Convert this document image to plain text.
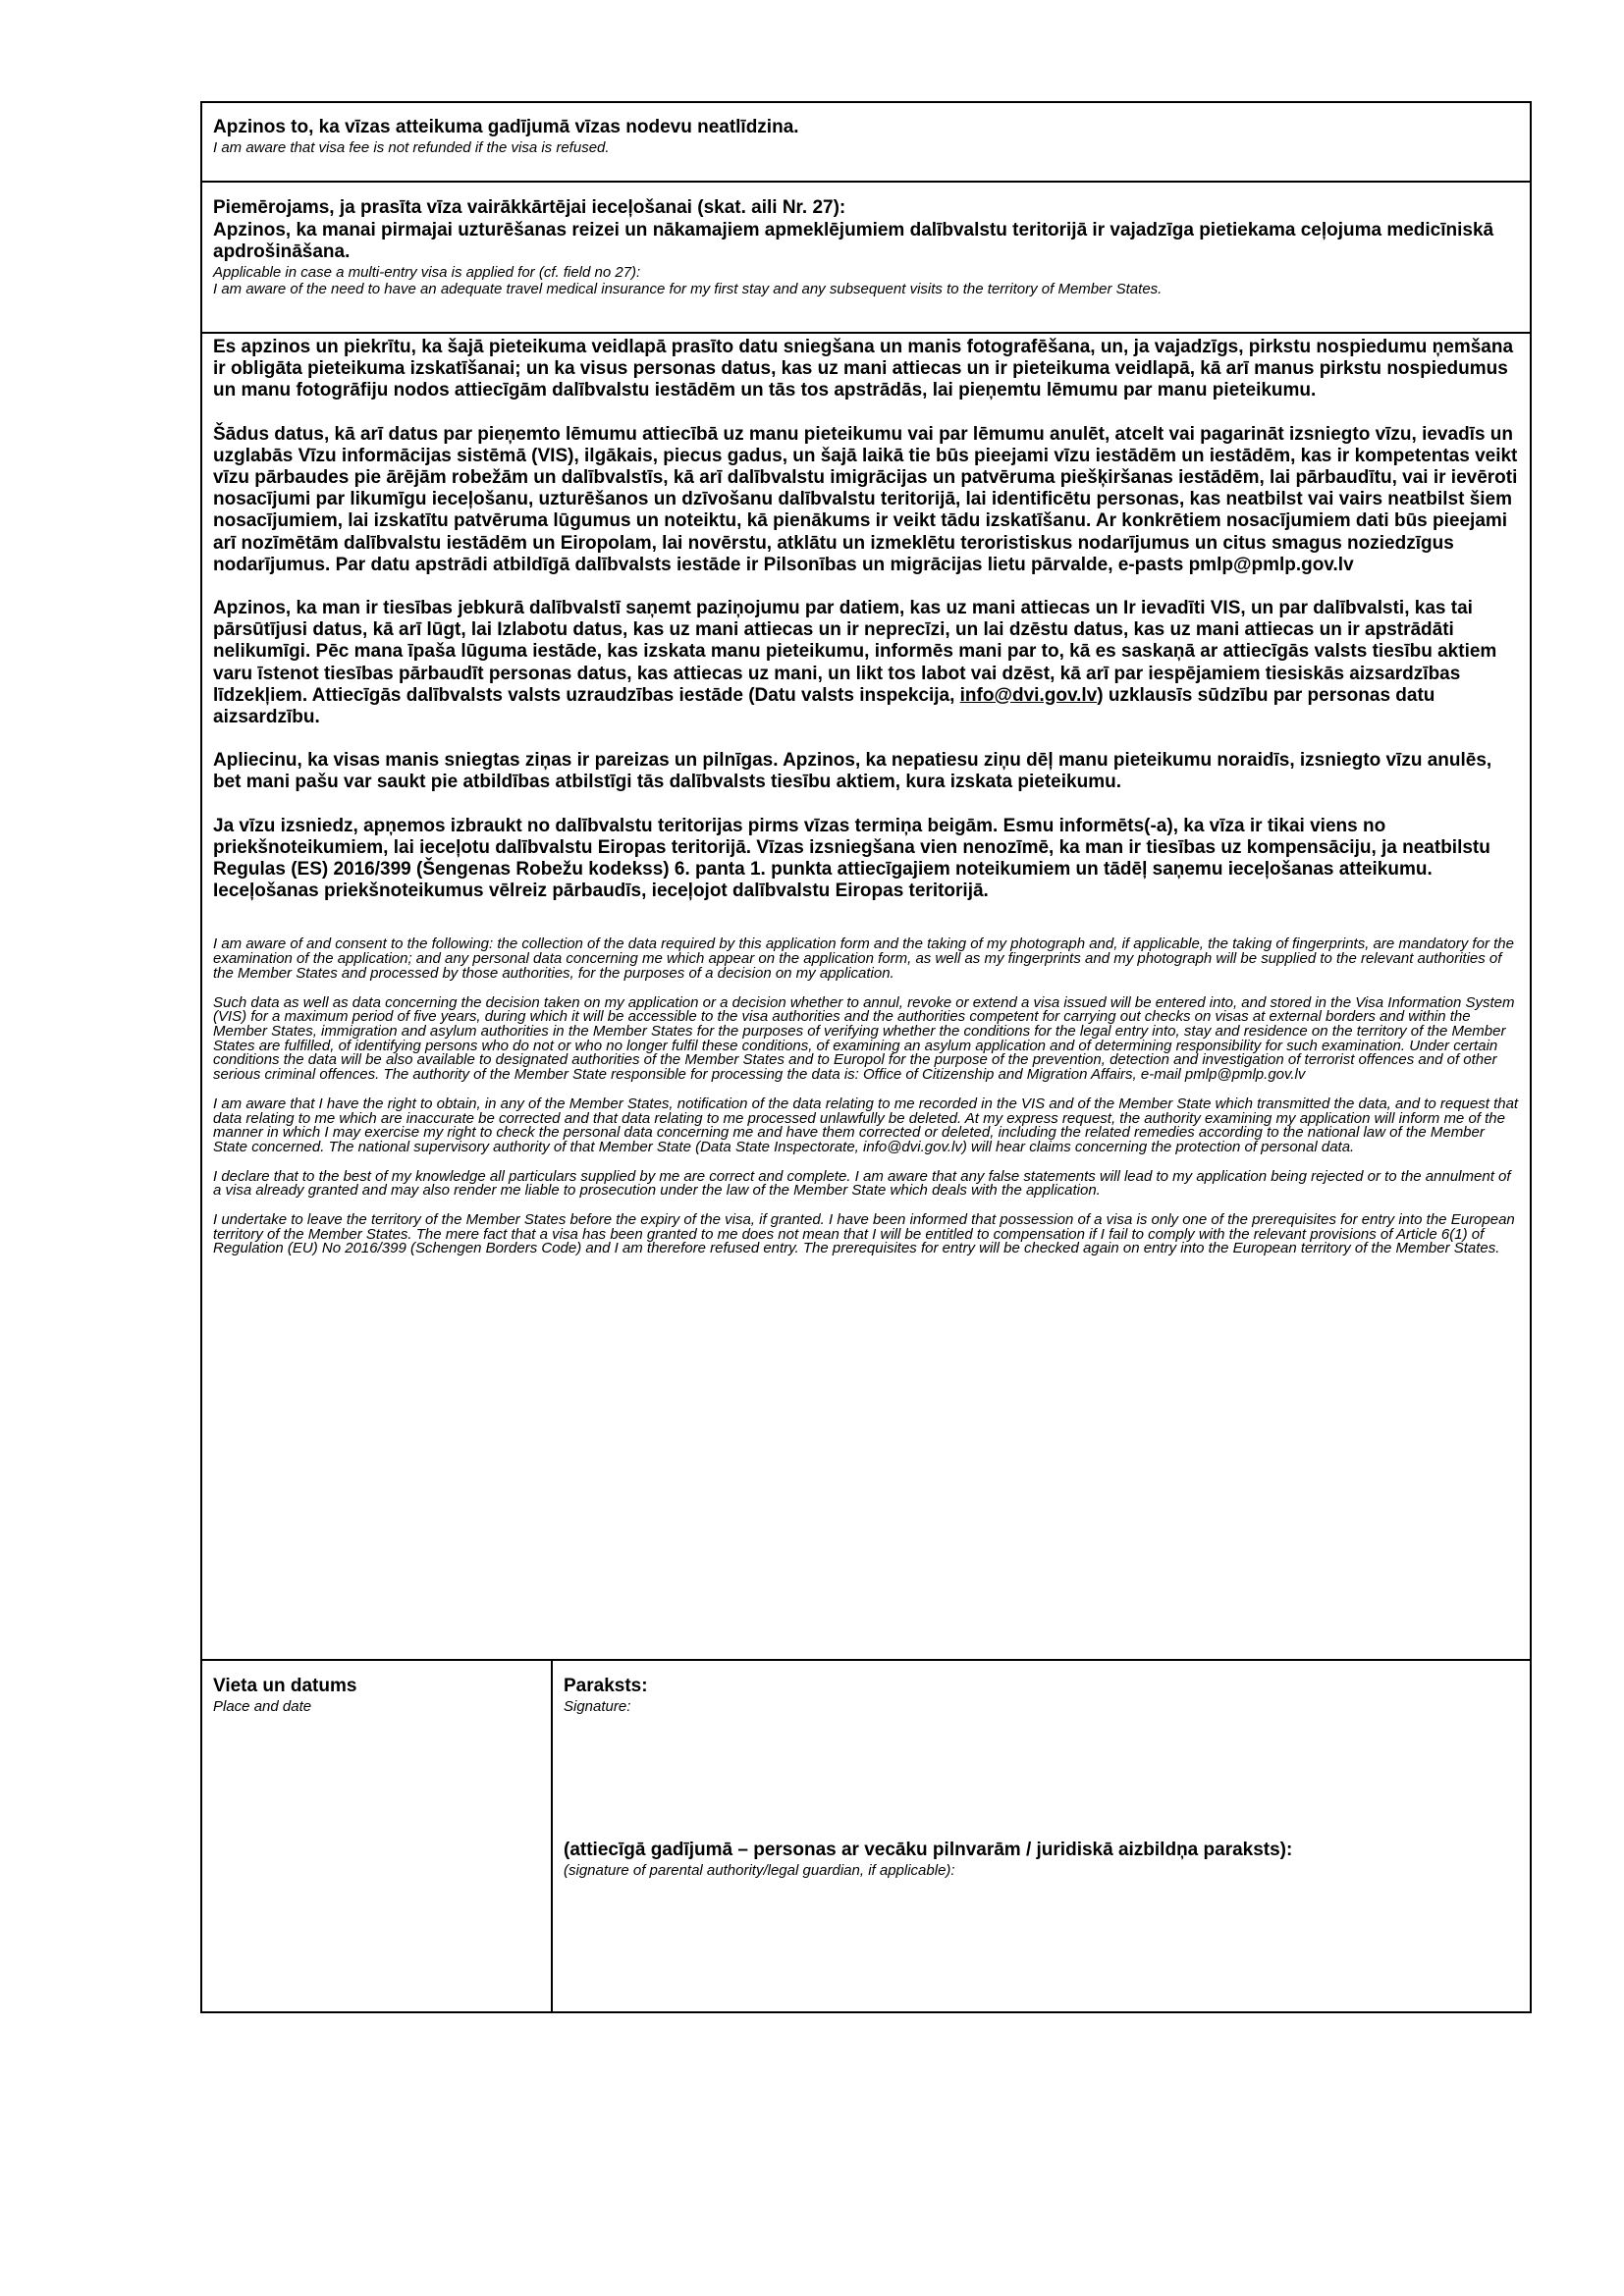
Apzinos to, ka vīzas atteikuma gadījumā vīzas nodevu neatlīdzina.

I am aware that visa fee is not refunded if the visa is refused.

Piemērojams, ja prasīta vīza vairākkārtējai ieceļošanai (skat. aili Nr. 27):

Apzinos, ka manai pirmajai uzturēšanas reizei un nākamajiem apmeklējumiem dalībvalstu teritorijā ir vajadzīga pietiekama ceļojuma medicīniskā apdrošināšana.

Applicable in case a multi-entry visa is applied for (cf. field no 27):

I am aware of the need to have an adequate travel medical insurance for my first stay and any subsequent visits to the territory of Member States.

Es apzinos un piekrītu, ka šajā pieteikuma veidlapā prasīto datu sniegšana un manis fotografēšana, un, ja vajadzīgs, pirkstu nospiedumu ņemšana ir obligāta pieteikuma izskatīšanai; un ka visus personas datus, kas uz mani attiecas un ir pieteikuma veidlapā, kā arī manus pirkstu nospiedumus un manu fotogrāfiju nodos attiecīgām dalībvalstu iestādēm un tās tos apstrādās, lai pieņemtu lēmumu par manu pieteikumu.

Šādus datus, kā arī datus par pieņemto lēmumu attiecībā uz manu pieteikumu vai par lēmumu anulēt, atcelt vai pagarināt izsniegto vīzu, ievadīs un uzglabās Vīzu informācijas sistēmā (VIS), ilgākais, piecus gadus, un šajā laikā tie būs pieejami vīzu iestādēm un iestādēm, kas ir kompetentas veikt vīzu pārbaudes pie ārējām robežām un dalībvalstīs, kā arī dalībvalstu imigrācijas un patvēruma piešķiršanas iestādēm, lai pārbaudītu, vai ir ievēroti nosacījumi par likumīgu ieceļošanu, uzturēšanos un dzīvošanu dalībvalstu teritorijā, lai identificētu personas, kas neatbilst vai vairs neatbilst šiem nosacījumiem, lai izskatītu patvēruma lūgumus un noteiktu, kā pienākums ir veikt tādu izskatīšanu. Ar konkrētiem nosacījumiem dati būs pieejami arī nozīmētām dalībvalstu iestādēm un Eiropolam, lai novērstu, atklātu un izmeklētu teroristiskus nodarījumus un citus smagus noziedzīgus nodarījumus. Par datu apstrādi atbildīgā dalībvalsts iestāde ir Pilsonības un migrācijas lietu pārvalde, e-pasts pmlp@pmlp.gov.lv

Apzinos, ka man ir tiesības jebkurā dalībvalstī saņemt paziņojumu par datiem, kas uz mani attiecas un Ir ievadīti VIS, un par dalībvalsti, kas tai pārsūtījusi datus, kā arī lūgt, lai Izlabotu datus, kas uz mani attiecas un ir neprecīzi, un lai dzēstu datus, kas uz mani attiecas un ir apstrādāti nelikumīgi. Pēc mana īpaša lūguma iestāde, kas izskata manu pieteikumu, informēs mani par to, kā es saskaņā ar attiecīgās valsts tiesību aktiem varu īstenot tiesības pārbaudīt personas datus, kas attiecas uz mani, un likt tos labot vai dzēst, kā arī par iespējamiem tiesiskās aizsardzības līdzekļiem. Attiecīgās dalībvalsts valsts uzraudzības iestāde (Datu valsts inspekcija, info@dvi.gov.lv) uzklausīs sūdzību par personas datu aizsardzību.

Apliecinu, ka visas manis sniegtas ziņas ir pareizas un pilnīgas. Apzinos, ka nepatiesu ziņu dēļ manu pieteikumu noraidīs, izsniegto vīzu anulēs, bet mani pašu var saukt pie atbildības atbilstīgi tās dalībvalsts tiesību aktiem, kura izskata pieteikumu.

Ja vīzu izsniedz, apņemos izbraukt no dalībvalstu teritorijas pirms vīzas termiņa beigām. Esmu informēts(-a), ka vīza ir tikai viens no priekšnoteikumiem, lai ieceļotu dalībvalstu Eiropas teritorijā. Vīzas izsniegšana vien nenozīmē, ka man ir tiesības uz kompensāciju, ja neatbilstu Regulas (ES) 2016/399 (Šengenas Robežu kodekss) 6. panta 1. punkta attiecīgajiem noteikumiem un tādēļ saņemu ieceļošanas atteikumu. Ieceļošanas priekšnoteikumus vēlreiz pārbaudīs, ieceļojot dalībvalstu Eiropas teritorijā.

I am aware of and consent to the following: the collection of the data required by this application form and the taking of my photograph and, if applicable, the taking of fingerprints, are mandatory for the examination of the application; and any personal data concerning me which appear on the application form, as well as my fingerprints and my photograph will be supplied to the relevant authorities of the Member States and processed by those authorities, for the purposes of a decision on my application.

Such data as well as data concerning the decision taken on my application or a decision whether to annul, revoke or extend a visa issued will be entered into, and stored in the Visa Information System (VIS) for a maximum period of five years, during which it will be accessible to the visa authorities and the authorities competent for carrying out checks on visas at external borders and within the Member States, immigration and asylum authorities in the Member States for the purposes of verifying whether the conditions for the legal entry into, stay and residence on the territory of the Member States are fulfilled, of identifying persons who do not or who no longer fulfil these conditions, of examining an asylum application and of determining responsibility for such examination. Under certain conditions the data will be also available to designated authorities of the Member States and to Europol for the purpose of the prevention, detection and investigation of terrorist offences and of other serious criminal offences. The authority of the Member State responsible for processing the data is: Office of Citizenship and Migration Affairs, e-mail pmlp@pmlp.gov.lv

I am aware that I have the right to obtain, in any of the Member States, notification of the data relating to me recorded in the VIS and of the Member State which transmitted the data, and to request that data relating to me which are inaccurate be corrected and that data relating to me processed unlawfully be deleted. At my express request, the authority examining my application will inform me of the manner in which I may exercise my right to check the personal data concerning me and have them corrected or deleted, including the related remedies according to the national law of the Member State concerned. The national supervisory authority of that Member State (Data State Inspectorate, info@dvi.gov.lv) will hear claims concerning the protection of personal data.

I declare that to the best of my knowledge all particulars supplied by me are correct and complete. I am aware that any false statements will lead to my application being rejected or to the annulment of a visa already granted and may also render me liable to prosecution under the law of the Member State which deals with the application.

I undertake to leave the territory of the Member States before the expiry of the visa, if granted. I have been informed that possession of a visa is only one of the prerequisites for entry into the European territory of the Member States. The mere fact that a visa has been granted to me does not mean that I will be entitled to compensation if I fail to comply with the relevant provisions of Article 6(1) of Regulation (EU) No 2016/399 (Schengen Borders Code) and I am therefore refused entry. The prerequisites for entry will be checked again on entry into the European territory of the Member States.

Vieta un datums

Place and date

Paraksts:

Signature:

(attiecīgā gadījumā – personas ar vecāku pilnvarām / juridiskā aizbildņa paraksts):

(signature of parental authority/legal guardian, if applicable):
